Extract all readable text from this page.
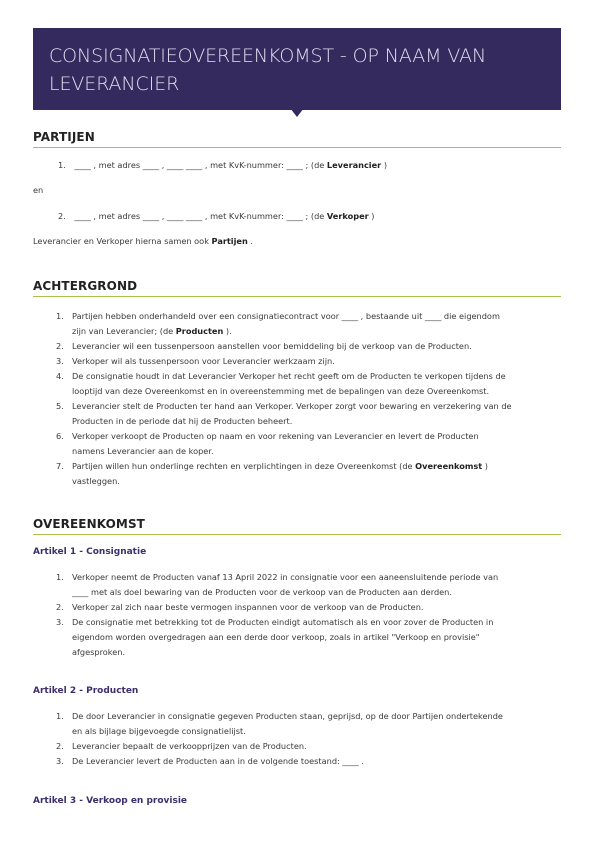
CONSIGNATIEOVEREENKOMST - OP NAAM VAN LEVERANCIER
PARTIJEN
1. ____ , met adres ____ , ____ ____ , met KvK-nummer: ____ ; (de Leverancier )
en
2. ____ , met adres ____ , ____ ____ , met KvK-nummer: ____ ; (de Verkoper )
Leverancier en Verkoper hierna samen ook Partijen .
ACHTERGROND
1. Partijen hebben onderhandeld over een consignatiecontract voor ____ , bestaande uit ____ die eigendom
zijn van Leverancier; (de Producten ).
2. Leverancier wil een tussenpersoon aanstellen voor bemiddeling bij de verkoop van de Producten.
3. Verkoper wil als tussenpersoon voor Leverancier werkzaam zijn.
4. De consignatie houdt in dat Leverancier Verkoper het recht geeft om de Producten te verkopen tijdens de
looptijd van deze Overeenkomst en in overeenstemming met de bepalingen van deze Overeenkomst.
5. Leverancier stelt de Producten ter hand aan Verkoper. Verkoper zorgt voor bewaring en verzekering van de
Producten in de periode dat hij de Producten beheert.
6. Verkoper verkoopt de Producten op naam en voor rekening van Leverancier en levert de Producten
namens Leverancier aan de koper.
7. Partijen willen hun onderlinge rechten en verplichtingen in deze Overeenkomst (de Overeenkomst )
vastleggen.
OVEREENKOMST
Artikel 1 - Consignatie
1. Verkoper neemt de Producten vanaf 13 April 2022 in consignatie voor een aaneensluitende periode van
____ met als doel bewaring van de Producten voor de verkoop van de Producten aan derden.
2. Verkoper zal zich naar beste vermogen inspannen voor de verkoop van de Producten.
3. De consignatie met betrekking tot de Producten eindigt automatisch als en voor zover de Producten in
eigendom worden overgedragen aan een derde door verkoop, zoals in artikel "Verkoop en provisie"
afgesproken.
Artikel 2 - Producten
1. De door Leverancier in consignatie gegeven Producten staan, geprijsd, op de door Partijen ondertekende
en als bijlage bijgevoegde consignatielijst.
2. Leverancier bepaalt de verkoopprijzen van de Producten.
3. De Leverancier levert de Producten aan in de volgende toestand: ____ .
Artikel 3 - Verkoop en provisie
